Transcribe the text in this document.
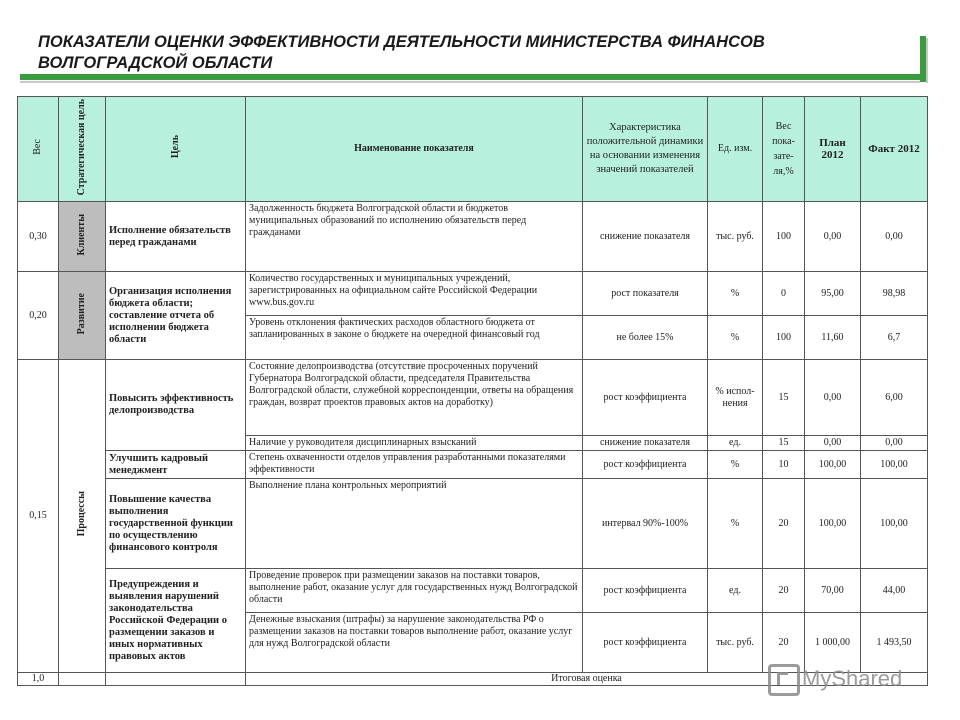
ПОКАЗАТЕЛИ ОЦЕНКИ ЭФФЕКТИВНОСТИ ДЕЯТЕЛЬНОСТИ МИНИСТЕРСТВА ФИНАНСОВ ВОЛГОГРАДСКОЙ ОБЛАСТИ
Вес	Стратегическая цель	Цель	Наименование показателя	Характеристика положительной динамики на основании изменения значений показателей	Ед. изм.	Вес пока-зате-ля,%	План 2012	Факт 2012
0,30	Клиенты	Исполнение обязательств перед гражданами	Задолженность бюджета Волгоградской области и бюджетов муниципальных образований по исполнению обязательств перед гражданами	снижение показателя	тыс. руб.	100	0,00	0,00
0,20	Развитие	Организация исполнения бюджета области; составление отчета об исполнении бюджета области	Количество государственных и муниципальных учреждений, зарегистрированных на официальном сайте Российской Федерации www.bus.gov.ru	рост показателя	%	0	95,00	98,98
			Уровень отклонения фактических расходов областного бюджета от запланированных в законе о бюджете на очередной финансовый год	не более 15%	%	100	11,60	6,7
0,15	Процессы	Повысить эффективность делопроизводства	Состояние делопроизводства (отсутствие просроченных поручений Губернатора Волгоградской области, председателя Правительства Волгоградской области, служебной корреспонденции, ответы на обращения граждан, возврат проектов правовых актов на доработку)	рост коэффициента	% испол-нения	15	0,00	6,00
			Наличие у руководителя дисциплинарных взысканий	снижение показателя	ед.	15	0,00	0,00
		Улучшить кадровый менеджмент	Степень охваченности отделов управления разработанными показателями эффективности	рост коэффициента	%	10	100,00	100,00
		Повышение качества выполнения государственной функции по осуществлению финансового контроля	Выполнение плана контрольных мероприятий	интервал 90%-100%	%	20	100,00	100,00
		Предупреждения и выявления нарушений законодательства Российской Федерации о размещении заказов и иных нормативных правовых актов	Проведение проверок при размещении заказов на поставки товаров, выполнение работ, оказание услуг для государственных нужд Волгоградской области	рост коэффициента	ед.	20	70,00	44,00
			Денежные взыскания (штрафы) за нарушение законодательства РФ о размещении заказов на поставки товаров выполнение работ, оказание услуг для нужд Волгоградской области	рост коэффициента	тыс. руб.	20	1 000,00	1 493,50
1,0			Итоговая оценка						MyShared
